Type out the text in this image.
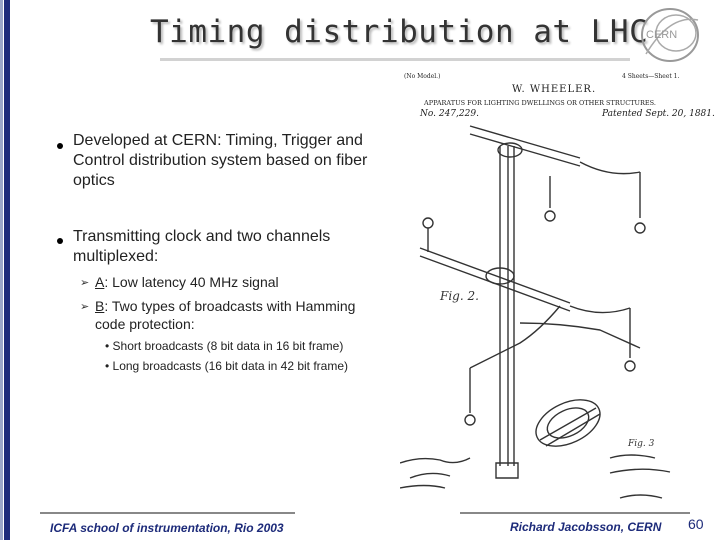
Timing distribution at LHC
CERN
Developed at CERN: Timing, Trigger and
Control distribution system based on fiber
optics
Transmitting clock and two channels
multiplexed:
➢ A: Low latency 40 MHz signal
➢ B: Two types of broadcasts with Hamming
code protection:
• Short broadcasts (8 bit data in 16 bit frame)
• Long broadcasts (16 bit data in 42 bit frame)
(No Model.)	4 Sheets—Sheet 1.
W. WHEELER.
APPARATUS FOR LIGHTING DWELLINGS OR OTHER STRUCTURES.
No. 247,229.	Patented Sept. 20, 1881.
Fig. 2.
Fig. 3
ICFA school of instrumentation, Rio 2003	Richard Jacobsson, CERN 60
